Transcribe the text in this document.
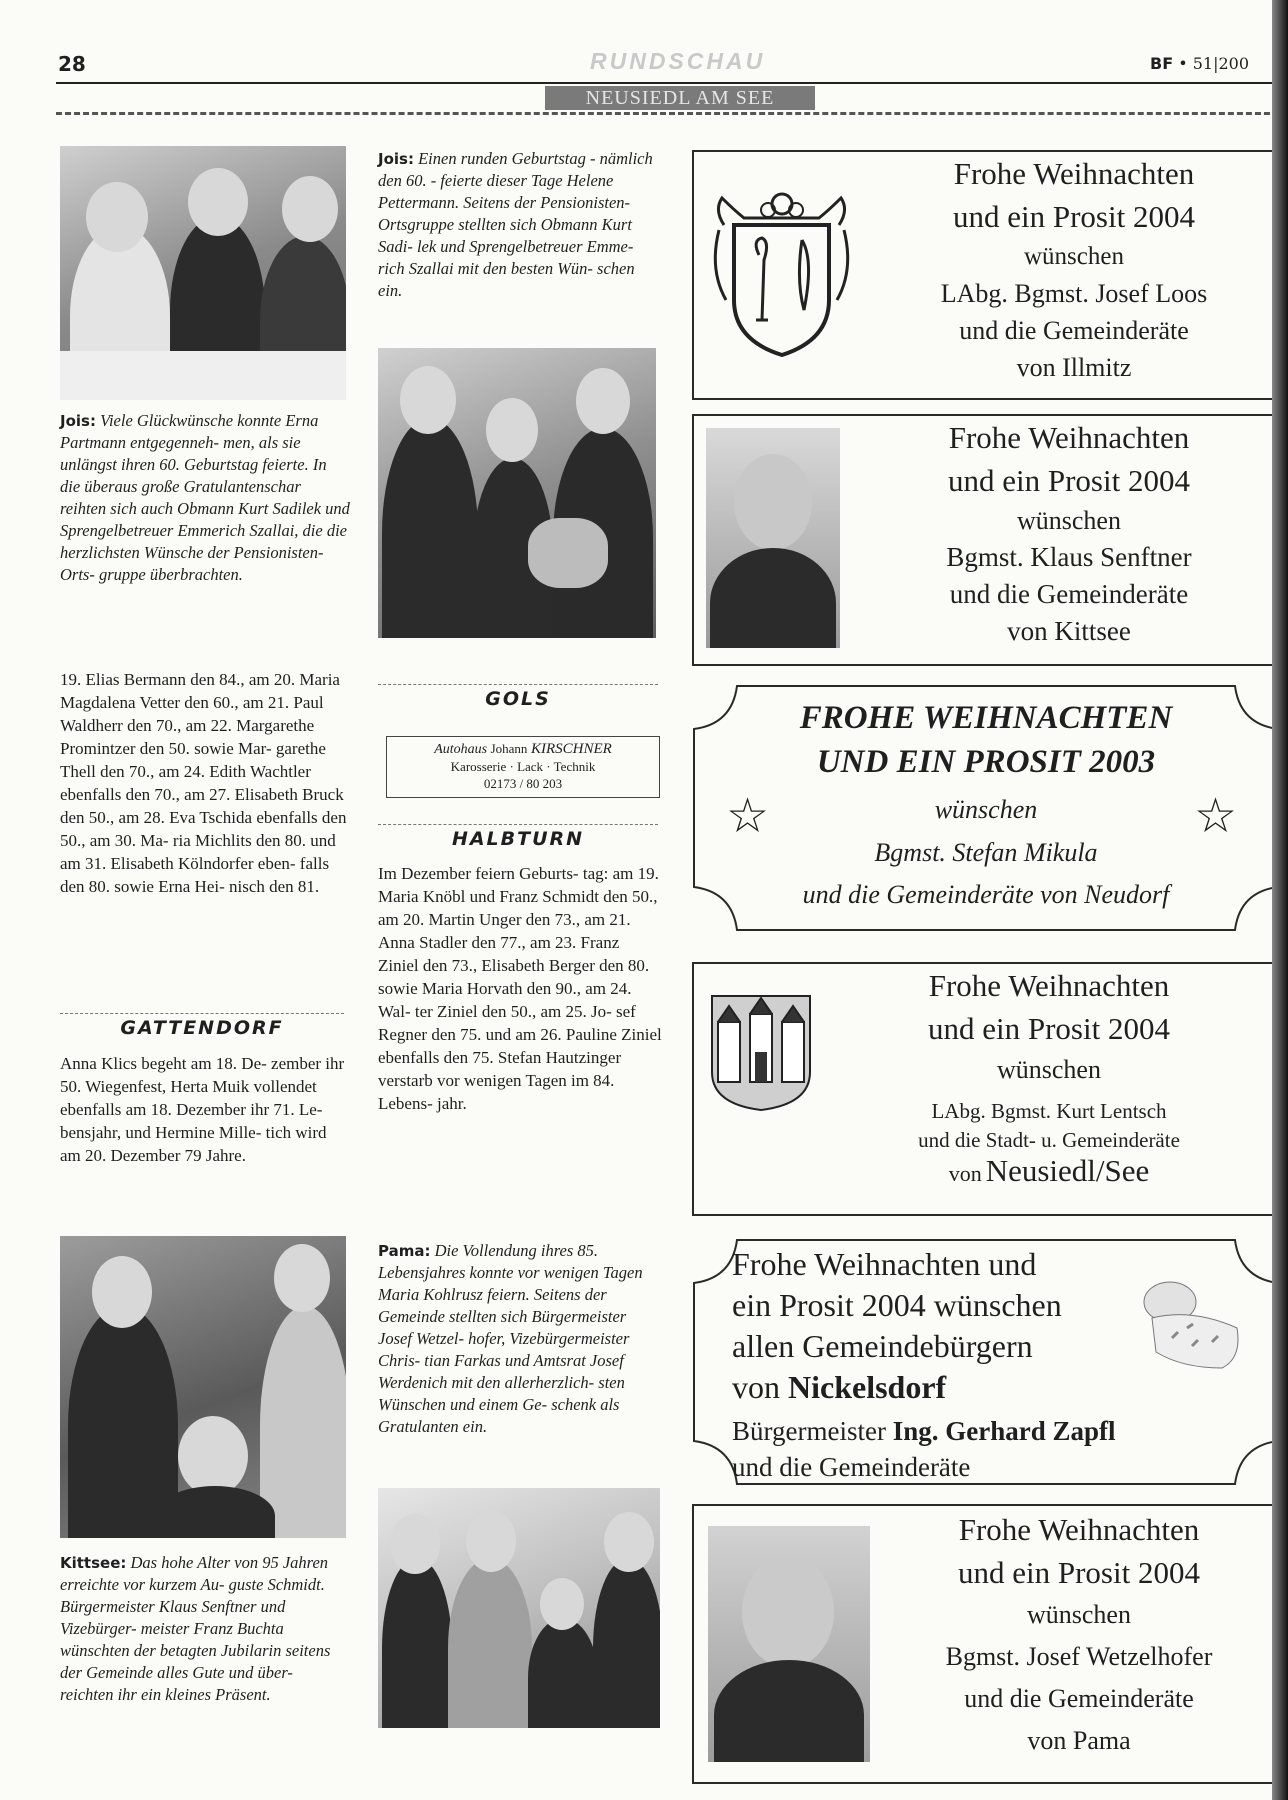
28	RUNDSCHAU	BF • 51|200
NEUSIEDL AM SEE
Jois: Viele Glückwünsche konnte Erna Partmann entgegenneh- men, als sie unlängst ihren 60. Geburtstag feierte. In die überaus große Gratulantenschar reihten sich auch Obmann Kurt Sadilek und Sprengelbetreuer Emmerich Szallai, die die herzlichsten Wünsche der Pensionisten-Orts- gruppe überbrachten.
19. Elias Bermann den 84., am 20. Maria Magdalena Vetter den 60., am 21. Paul Waldherr den 70., am 22. Margarethe Promintzer den 50. sowie Mar- garethe Thell den 70., am 24. Edith Wachtler ebenfalls den 70., am 27. Elisabeth Bruck den 50., am 28. Eva Tschida ebenfalls den 50., am 30. Ma- ria Michlits den 80. und am 31. Elisabeth Kölndorfer eben- falls den 80. sowie Erna Hei- nisch den 81.
GATTENDORF
Anna Klics begeht am 18. De- zember ihr 50. Wiegenfest, Herta Muik vollendet ebenfalls am 18. Dezember ihr 71. Le- bensjahr, und Hermine Mille- tich wird am 20. Dezember 79 Jahre.
Kittsee: Das hohe Alter von 95 Jahren erreichte vor kurzem Au- guste Schmidt. Bürgermeister Klaus Senftner und Vizebürger- meister Franz Buchta wünschten der betagten Jubilarin seitens der Gemeinde alles Gute und über- reichten ihr ein kleines Präsent.
Jois: Einen runden Geburtstag - nämlich den 60. - feierte dieser Tage Helene Pettermann. Seitens der Pensionisten-Ortsgruppe stellten sich Obmann Kurt Sadi- lek und Sprengelbetreuer Emme- rich Szallai mit den besten Wün- schen ein.
GOLS
Autohaus Johann KIRSCHNER
Karosserie · Lack · Technik
02173 / 80 203
HALBTURN
Im Dezember feiern Geburts- tag: am 19. Maria Knöbl und Franz Schmidt den 50., am 20. Martin Unger den 73., am 21. Anna Stadler den 77., am 23. Franz Ziniel den 73., Elisabeth Berger den 80. sowie Maria Horvath den 90., am 24. Wal- ter Ziniel den 50., am 25. Jo- sef Regner den 75. und am 26. Pauline Ziniel ebenfalls den 75. Stefan Hautzinger verstarb vor wenigen Tagen im 84. Lebens- jahr.
Pama: Die Vollendung ihres 85. Lebensjahres konnte vor wenigen Tagen Maria Kohlrusz feiern. Seitens der Gemeinde stellten sich Bürgermeister Josef Wetzel- hofer, Vizebürgermeister Chris- tian Farkas und Amtsrat Josef Werdenich mit den allerherzlich- sten Wünschen und einem Ge- schenk als Gratulanten ein.
Frohe Weihnachten
und ein Prosit 2004
wünschen
LAbg. Bgmst. Josef Loos
und die Gemeinderäte
von Illmitz
Frohe Weihnachten
und ein Prosit 2004
wünschen
Bgmst. Klaus Senftner
und die Gemeinderäte
von Kittsee
FROHE WEIHNACHTEN
UND EIN PROSIT 2003
wünschen
Bgmst. Stefan Mikula
und die Gemeinderäte von Neudorf
☆	☆
Frohe Weihnachten
und ein Prosit 2004
wünschen
LAbg. Bgmst. Kurt Lentsch
und die Stadt- u. Gemeinderäte
von Neusiedl/See
Frohe Weihnachten und
ein Prosit 2004 wünschen
allen Gemeindebürgern
von Nickelsdorf
Bürgermeister Ing. Gerhard Zapfl
und die Gemeinderäte
Frohe Weihnachten
und ein Prosit 2004
wünschen
Bgmst. Josef Wetzelhofer
und die Gemeinderäte
von Pama
